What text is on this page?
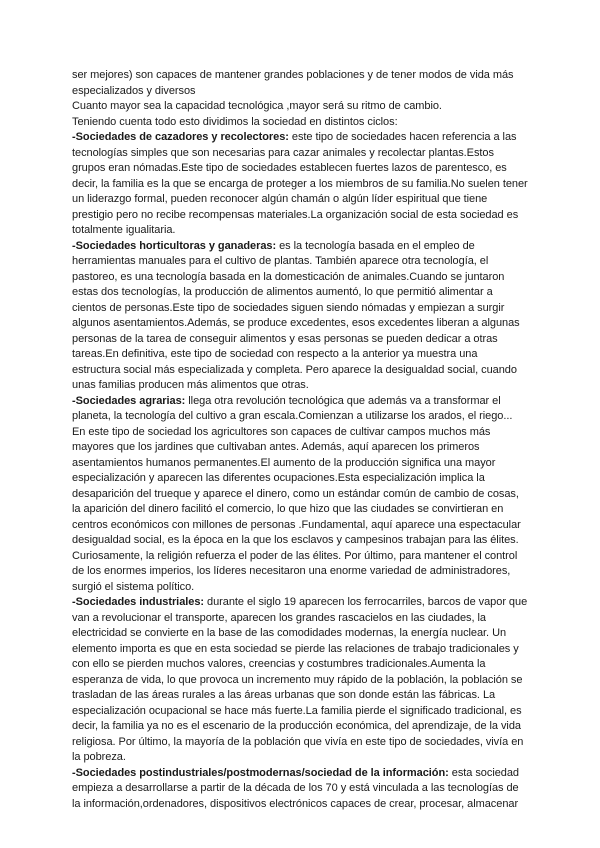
ser mejores) son capaces de mantener grandes poblaciones y de tener modos de vida más especializados y diversos

Cuanto mayor sea la capacidad tecnológica ,mayor será su ritmo de cambio.

Teniendo cuenta todo esto dividimos la sociedad en distintos ciclos:

-Sociedades de cazadores y recolectores: este tipo de sociedades hacen referencia a las tecnologías simples que son necesarias para cazar animales y recolectar plantas.Estos grupos eran nómadas.Este tipo de sociedades establecen fuertes lazos de parentesco, es decir, la familia es la que se encarga de proteger a los miembros de su familia.No suelen tener un liderazgo formal, pueden reconocer algún chamán o algún líder espiritual que tiene prestigio pero no recibe recompensas materiales.La organización social de esta sociedad es totalmente igualitaria.

-Sociedades horticultoras y ganaderas: es la tecnología basada en el empleo de herramientas manuales para el cultivo de plantas. También aparece otra tecnología, el pastoreo, es una tecnología basada en la domesticación de animales.Cuando se juntaron estas dos tecnologías, la producción de alimentos aumentó, lo que permitió alimentar a cientos de personas.Este tipo de sociedades siguen siendo nómadas y empiezan a surgir algunos asentamientos.Además, se produce excedentes, esos excedentes liberan a algunas personas de la tarea de conseguir alimentos y esas personas se pueden dedicar a otras tareas.En definitiva, este tipo de sociedad con respecto a la anterior ya muestra una estructura social más especializada y completa. Pero aparece la desigualdad social, cuando unas familias producen más alimentos que otras.

-Sociedades agrarias: llega otra revolución tecnológica que además va a transformar el planeta, la tecnología del cultivo a gran escala.Comienzan a utilizarse los arados, el riego... En este tipo de sociedad los agricultores son capaces de cultivar campos muchos más mayores que los jardines que cultivaban antes. Además, aquí aparecen los primeros asentamientos humanos permanentes.El aumento de la producción significa una mayor especialización y aparecen las diferentes ocupaciones.Esta especialización implica la desaparición del trueque y aparece el dinero, como un estándar común de cambio de cosas, la aparición del dinero facilitó el comercio, lo que hizo que las ciudades se convirtieran en centros económicos con millones de personas .Fundamental, aquí aparece una espectacular desigualdad social, es la época en la que los esclavos y campesinos trabajan para las élites. Curiosamente, la religión refuerza el poder de las élites. Por último, para mantener el control de los enormes imperios, los líderes necesitaron una enorme variedad de administradores, surgió el sistema político.

-Sociedades industriales: durante el siglo 19 aparecen los ferrocarriles, barcos de vapor que van a revolucionar el transporte, aparecen los grandes rascacielos en las ciudades, la electricidad se convierte en la base de las comodidades modernas, la energía nuclear. Un elemento importa es que en esta sociedad se pierde las relaciones de trabajo tradicionales y con ello se pierden muchos valores, creencias y costumbres tradicionales.Aumenta la esperanza de vida, lo que provoca un incremento muy rápido de la población, la población se trasladan de las áreas rurales a las áreas urbanas que son donde están las fábricas. La especialización ocupacional se hace más fuerte.La familia pierde el significado tradicional, es decir, la familia ya no es el escenario de la producción económica, del aprendizaje, de la vida religiosa. Por último, la mayoría de la población que vivía en este tipo de sociedades, vivía en la pobreza.

-Sociedades postindustriales/postmodernas/sociedad de la información: esta sociedad empieza a desarrollarse a partir de la década de los 70 y está vinculada a las tecnologías de la información,ordenadores, dispositivos electrónicos capaces de crear, procesar, almacenar
